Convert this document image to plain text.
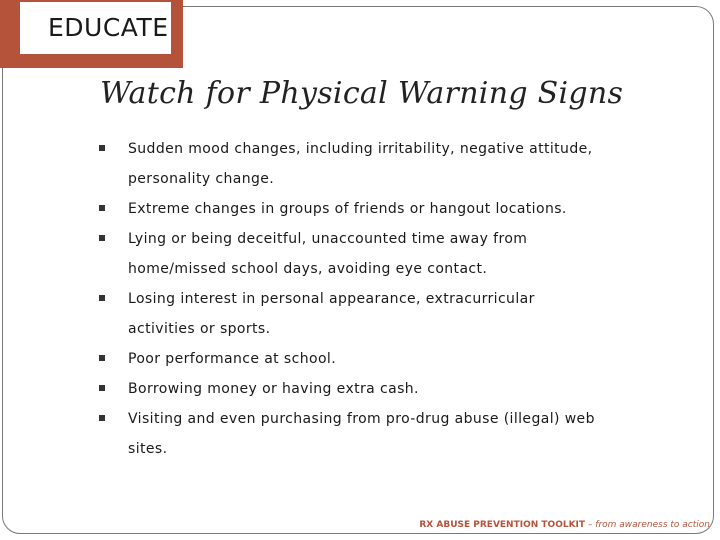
EDUCATE
Watch for Physical Warning Signs
Sudden mood changes, including irritability, negative attitude, personality change.
Extreme changes in groups of friends or hangout locations.
Lying or being deceitful, unaccounted time away from home/missed school days, avoiding eye contact.
Losing interest in personal appearance, extracurricular activities or sports.
Poor performance at school.
Borrowing money or having extra cash.
Visiting and even purchasing from pro-drug abuse (illegal) web sites.
RX ABUSE PREVENTION TOOLKIT – from awareness to action
